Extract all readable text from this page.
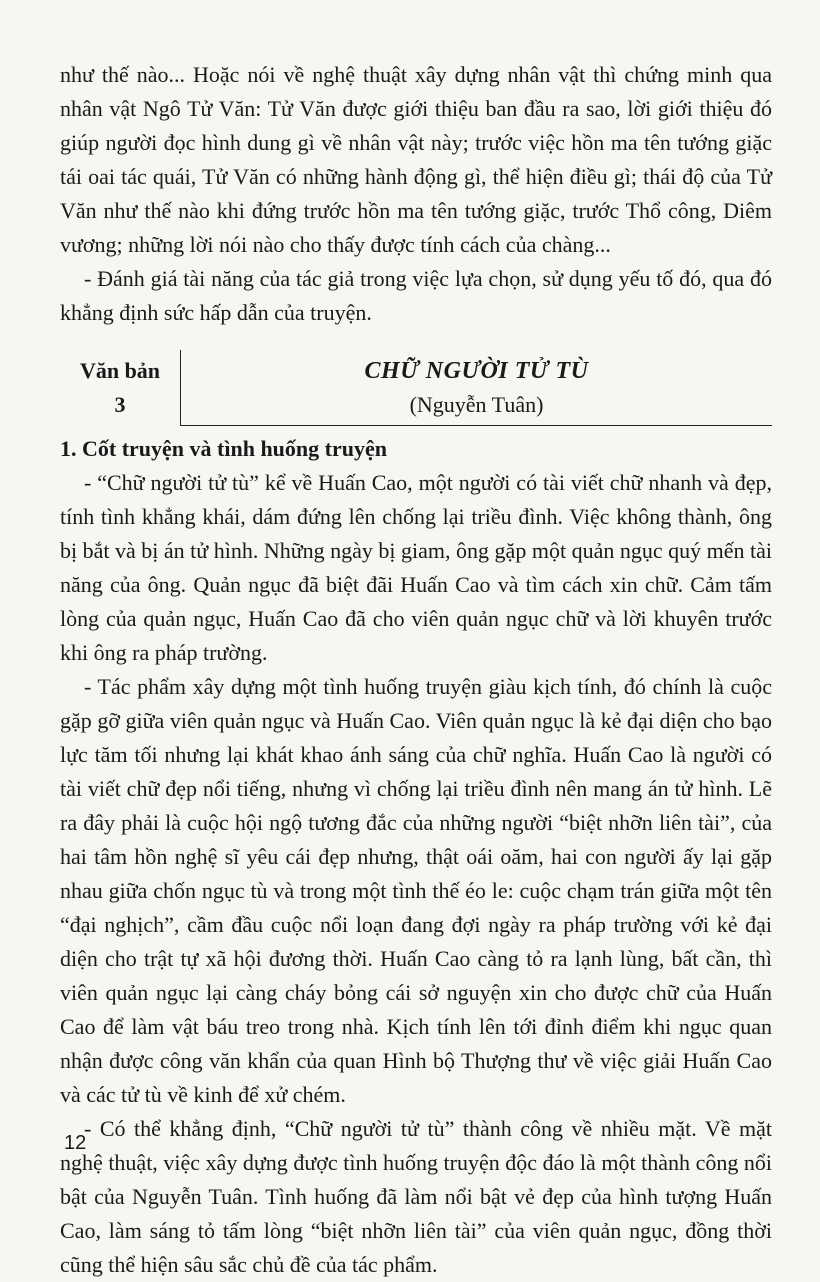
như thế nào... Hoặc nói về nghệ thuật xây dựng nhân vật thì chứng minh qua nhân vật Ngô Tử Văn: Tử Văn được giới thiệu ban đầu ra sao, lời giới thiệu đó giúp người đọc hình dung gì về nhân vật này; trước việc hồn ma tên tướng giặc tái oai tác quái, Tử Văn có những hành động gì, thể hiện điều gì; thái độ của Tử Văn như thế nào khi đứng trước hồn ma tên tướng giặc, trước Thổ công, Diêm vương; những lời nói nào cho thấy được tính cách của chàng...

- Đánh giá tài năng của tác giả trong việc lựa chọn, sử dụng yếu tố đó, qua đó khẳng định sức hấp dẫn của truyện.

Văn bản
3
CHỮ NGƯỜI TỬ TÙ
(Nguyễn Tuân)

1. Cốt truyện và tình huống truyện

- “Chữ người tử tù” kể về Huấn Cao, một người có tài viết chữ nhanh và đẹp, tính tình khẳng khái, dám đứng lên chống lại triều đình. Việc không thành, ông bị bắt và bị án tử hình. Những ngày bị giam, ông gặp một quản ngục quý mến tài năng của ông. Quản ngục đã biệt đãi Huấn Cao và tìm cách xin chữ. Cảm tấm lòng của quản ngục, Huấn Cao đã cho viên quản ngục chữ và lời khuyên trước khi ông ra pháp trường.

- Tác phẩm xây dựng một tình huống truyện giàu kịch tính, đó chính là cuộc gặp gỡ giữa viên quản ngục và Huấn Cao. Viên quản ngục là kẻ đại diện cho bạo lực tăm tối nhưng lại khát khao ánh sáng của chữ nghĩa. Huấn Cao là người có tài viết chữ đẹp nổi tiếng, nhưng vì chống lại triều đình nên mang án tử hình. Lẽ ra đây phải là cuộc hội ngộ tương đắc của những người “biệt nhỡn liên tài”, của hai tâm hồn nghệ sĩ yêu cái đẹp nhưng, thật oái oăm, hai con người ấy lại gặp nhau giữa chốn ngục tù và trong một tình thế éo le: cuộc chạm trán giữa một tên “đại nghịch”, cầm đầu cuộc nổi loạn đang đợi ngày ra pháp trường với kẻ đại diện cho trật tự xã hội đương thời. Huấn Cao càng tỏ ra lạnh lùng, bất cần, thì viên quản ngục lại càng cháy bỏng cái sở nguyện xin cho được chữ của Huấn Cao để làm vật báu treo trong nhà. Kịch tính lên tới đỉnh điểm khi ngục quan nhận được công văn khẩn của quan Hình bộ Thượng thư về việc giải Huấn Cao và các tử tù về kinh để xử chém.

- Có thể khẳng định, “Chữ người tử tù” thành công về nhiều mặt. Về mặt nghệ thuật, việc xây dựng được tình huống truyện độc đáo là một thành công nổi bật của Nguyễn Tuân. Tình huống đã làm nổi bật vẻ đẹp của hình tượng Huấn Cao, làm sáng tỏ tấm lòng “biệt nhỡn liên tài” của viên quản ngục, đồng thời cũng thể hiện sâu sắc chủ đề của tác phẩm.

12
